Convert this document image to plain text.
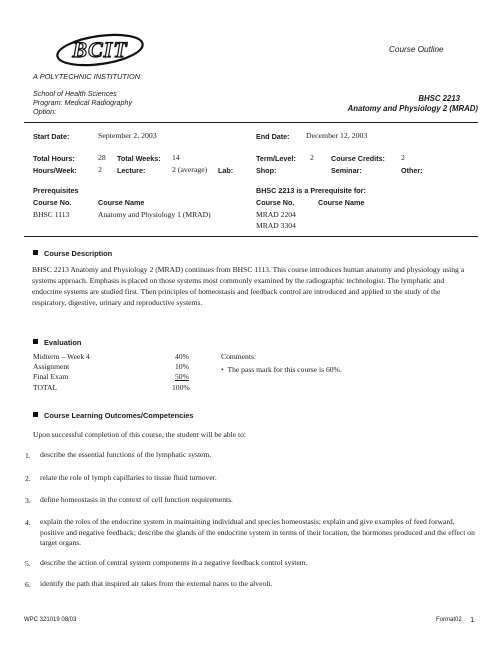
BCIT
A POLYTECHNIC INSTITUTION
Course Outline
School of Health Sciences
Program: Medical Radiography
Option:
BHSC 2213
Anatomy and Physiology 2 (MRAD)
Start Date:	September 2, 2003	End Date: December 12, 2003
Total Hours:	28 Total Weeks: 14	Term/Level: 2 Course Credits: 2
Hours/Week:	2 Lecture:	2 (average) Lab:	Shop:	Seminar:	Other:
Prerequisites
Course No.	Course Name
BHSC 1113	Anatomy and Physiology 1 (MRAD)
BHSC 2213 is a Prerequisite for:
Course No.	Course Name
MRAD 2204
MRAD 3304
Course Description
BHSC 2213 Anatomy and Physiology 2 (MRAD) continues from BHSC 1113. This course introduces human anatomy and physiology using a systems approach. Emphasis is placed on those systems most commonly examined by the radiographic technologist. The lymphatic and endocrine systems are studied first. Then principles of homeostasis and feedback control are introduced and applied to the study of the respiratory, digestive, urinary and reproductive systems.
Evaluation
Midterm – Week 4	40%
Assignment	10%
Final Exam	50%
TOTAL	100%
Comments:
•  The pass mark for this course is 60%.
Course Learning Outcomes/Competencies
Upon successful completion of this course, the student will be able to:
1. describe the essential functions of the lymphatic system.
2. relate the role of lymph capillaries to tissue fluid turnover.
3. define homeostasis in the context of cell function requirements.
4. explain the roles of the endocrine system in maintaining individual and species homeostasis; explain and give examples of feed forward, positive and negative feedback; describe the glands of the endocrine system in terms of their location, the hormones produced and the effect on target organs.
5. describe the action of central system components in a negative feedback control system.
6. identify the path that inspired air takes from the external nares to the alveoli.
WPC 321019 08/03	Format02 1
